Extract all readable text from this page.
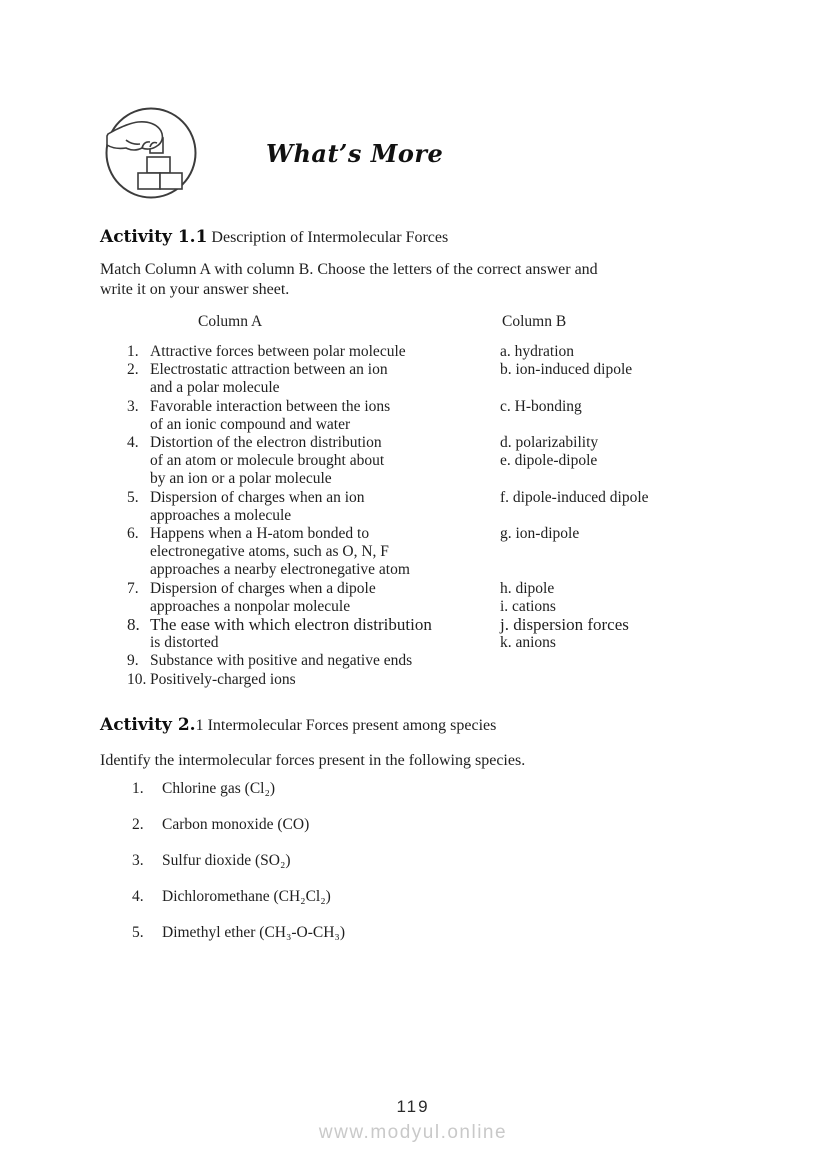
What’s More
Activity 1.1 Description of Intermolecular Forces
Match Column A with column B. Choose the letters of the correct answer and
write it on your answer sheet.
Column A	Column B
1. Attractive forces between polar molecule	a. hydration
2. Electrostatic attraction between an ion	b. ion-induced dipole
and a polar molecule
3. Favorable interaction between the ions	c. H-bonding
of an ionic compound and water
4. Distortion of the electron distribution	d. polarizability
of an atom or molecule brought about	e. dipole-dipole
by an ion or a polar molecule
5. Dispersion of charges when an ion	f. dipole-induced dipole
approaches a molecule
6. Happens when a H-atom bonded to	g. ion-dipole
electronegative atoms, such as O, N, F
approaches a nearby electronegative atom
7. Dispersion of charges when a dipole	h. dipole
approaches a nonpolar molecule	i. cations
8. The ease with which electron distribution	j. dispersion forces
is distorted	k. anions
9. Substance with positive and negative ends
10. Positively-charged ions
Activity 2.1 Intermolecular Forces present among species
Identify the intermolecular forces present in the following species.
1.	Chlorine gas (Cl₂)
2.	Carbon monoxide (CO)
3.	Sulfur dioxide (SO₂)
4.	Dichloromethane (CH₂Cl₂)
5.	Dimethyl ether (CH₃-O-CH₃)
119
www.modyul.online
